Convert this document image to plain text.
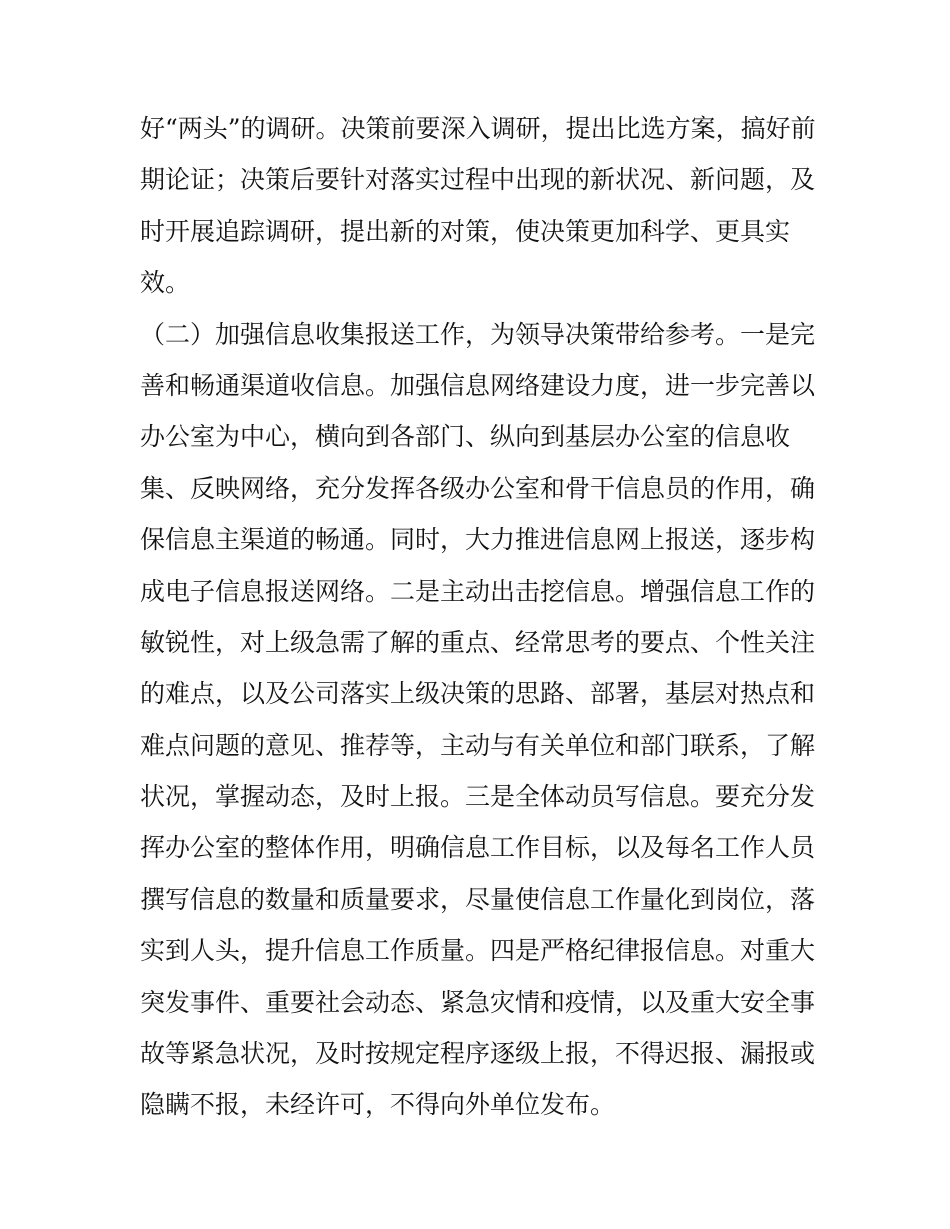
好“两头”的调研。决策前要深入调研，提出比选方案，搞好前
期论证；决策后要针对落实过程中出现的新状况、新问题，及
时开展追踪调研，提出新的对策，使决策更加科学、更具实
效。
（二）加强信息收集报送工作，为领导决策带给参考。一是完
善和畅通渠道收信息。加强信息网络建设力度，进一步完善以
办公室为中心，横向到各部门、纵向到基层办公室的信息收
集、反映网络，充分发挥各级办公室和骨干信息员的作用，确
保信息主渠道的畅通。同时，大力推进信息网上报送，逐步构
成电子信息报送网络。二是主动出击挖信息。增强信息工作的
敏锐性，对上级急需了解的重点、经常思考的要点、个性关注
的难点，以及公司落实上级决策的思路、部署，基层对热点和
难点问题的意见、推荐等，主动与有关单位和部门联系，了解
状况，掌握动态，及时上报。三是全体动员写信息。要充分发
挥办公室的整体作用，明确信息工作目标，以及每名工作人员
撰写信息的数量和质量要求，尽量使信息工作量化到岗位，落
实到人头，提升信息工作质量。四是严格纪律报信息。对重大
突发事件、重要社会动态、紧急灾情和疫情，以及重大安全事
故等紧急状况，及时按规定程序逐级上报，不得迟报、漏报或
隐瞒不报，未经许可，不得向外单位发布。
